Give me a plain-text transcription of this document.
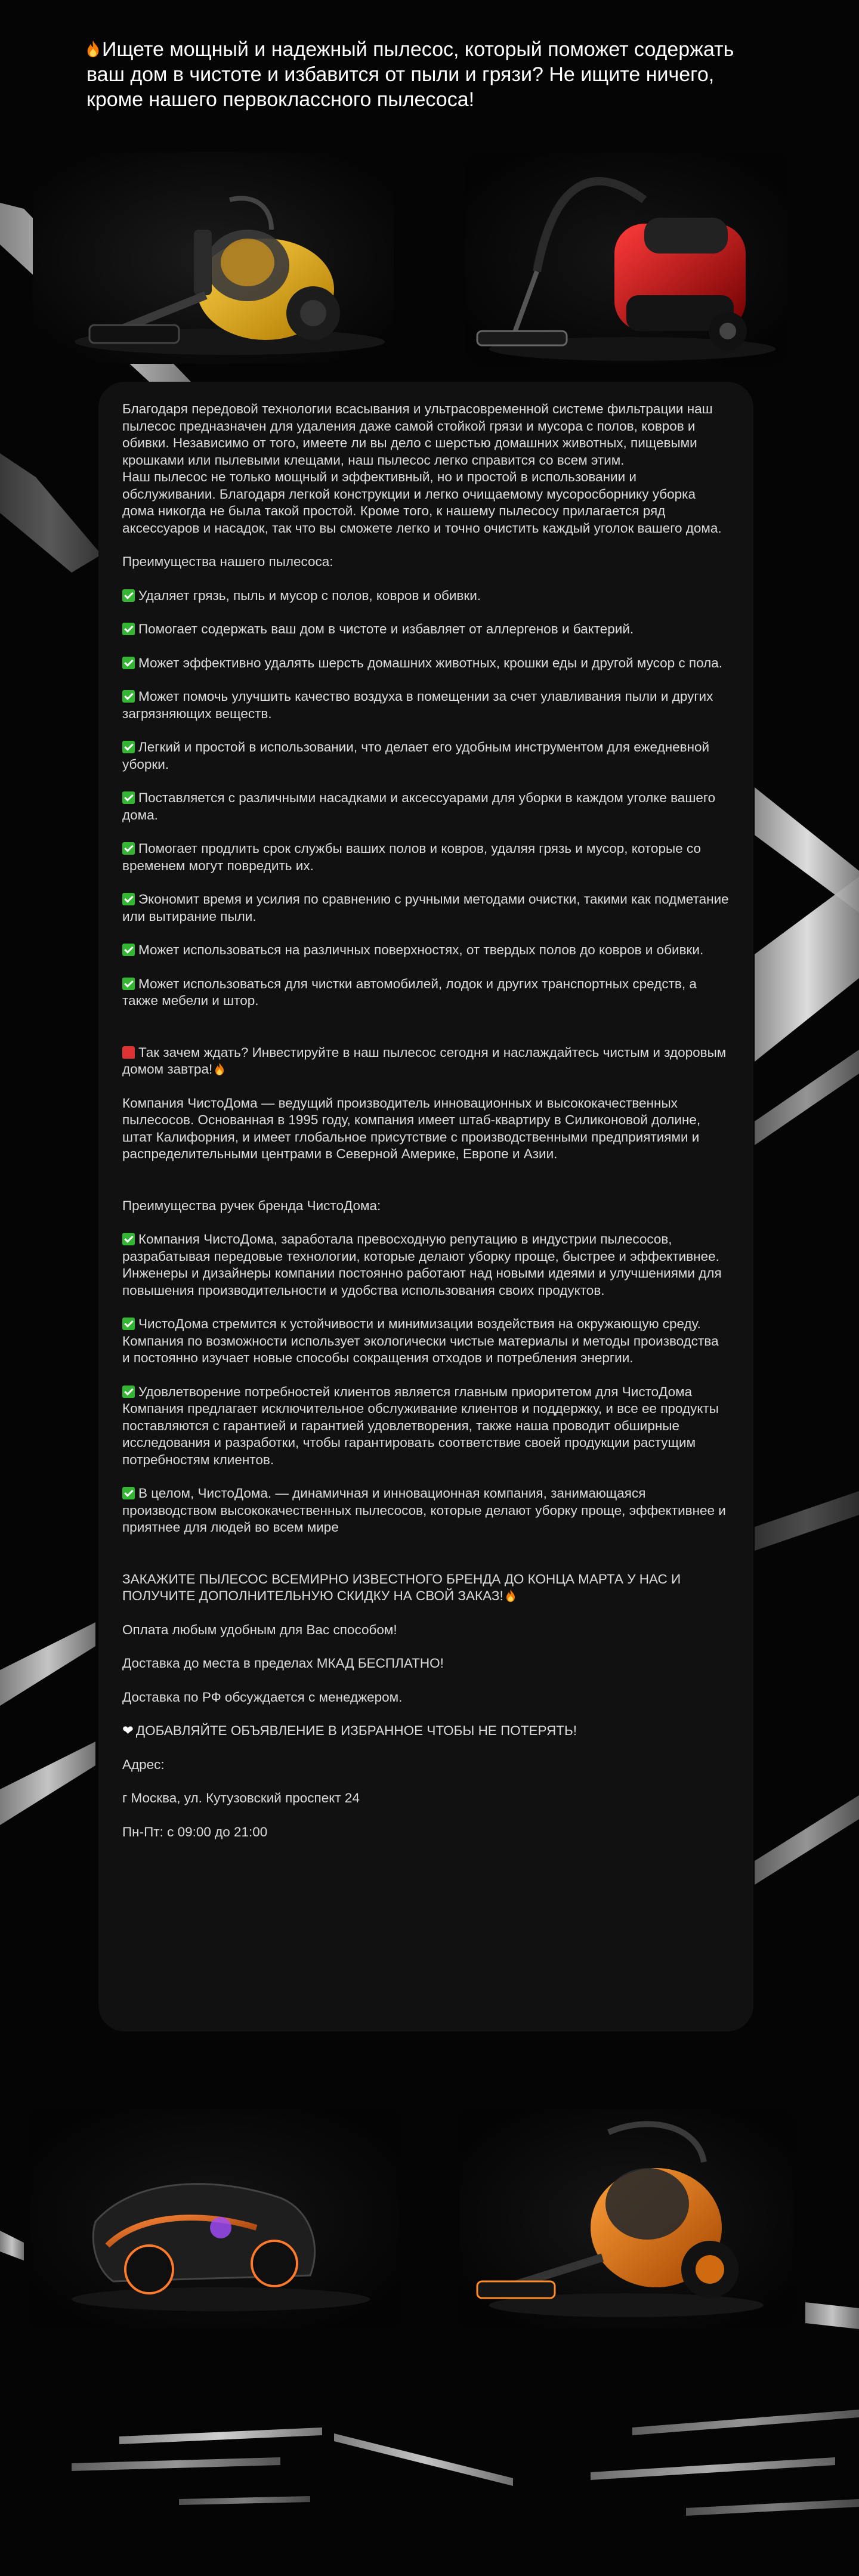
Ищете мощный и надежный пылесос, который поможет содержать ваш дом в чистоте и избавится от пыли и грязи? Не ищите ничего, кроме нашего первоклассного пылесоса!

Благодаря передовой технологии всасывания и ультрасовременной системе фильтрации наш пылесос предназначен для удаления даже самой стойкой грязи и мусора с полов, ковров и обивки. Независимо от того, имеете ли вы дело с шерстью домашних животных, пищевыми крошками или пылевыми клещами, наш пылесос легко справится со всем этим.

Наш пылесос не только мощный и эффективный, но и простой в использовании и обслуживании. Благодаря легкой конструкции и легко очищаемому мусоросборнику уборка дома никогда не была такой простой. Кроме того, к нашему пылесосу прилагается ряд аксессуаров и насадок, так что вы сможете легко и точно очистить каждый уголок вашего дома.

Преимущества нашего пылесоса:

Удаляет грязь, пыль и мусор с полов, ковров и обивки.

Помогает содержать ваш дом в чистоте и избавляет от аллергенов и бактерий.

Может эффективно удалять шерсть домашних животных, крошки еды и другой мусор с пола.

Может помочь улучшить качество воздуха в помещении за счет улавливания пыли и других загрязняющих веществ.

Легкий и простой в использовании, что делает его удобным инструментом для ежедневной уборки.

Поставляется с различными насадками и аксессуарами для уборки в каждом уголке вашего дома.

Помогает продлить срок службы ваших полов и ковров, удаляя грязь и мусор, которые со временем могут повредить их.

Экономит время и усилия по сравнению с ручными методами очистки, такими как подметание или вытирание пыли.

Может использоваться на различных поверхностях, от твердых полов до ковров и обивки.

Может использоваться для чистки автомобилей, лодок и других транспортных средств, а также мебели и штор.

Так зачем ждать? Инвестируйте в наш пылесос сегодня и наслаждайтесь чистым и здоровым домом завтра!

Компания ЧистоДома — ведущий производитель инновационных и высококачественных пылесосов. Основанная в 1995 году, компания имеет штаб-квартиру в Силиконовой долине, штат Калифорния, и имеет глобальное присутствие с производственными предприятиями и распределительными центрами в Северной Америке, Европе и Азии.

Преимущества ручек бренда ЧистоДома:

Компания ЧистоДома, заработала превосходную репутацию в индустрии пылесосов, разрабатывая передовые технологии, которые делают уборку проще, быстрее и эффективнее. Инженеры и дизайнеры компании постоянно работают над новыми идеями и улучшениями для повышения производительности и удобства использования своих продуктов.

ЧистоДома стремится к устойчивости и минимизации воздействия на окружающую среду. Компания по возможности использует экологически чистые материалы и методы производства и постоянно изучает новые способы сокращения отходов и потребления энергии.

Удовлетворение потребностей клиентов является главным приоритетом для ЧистоДома Компания предлагает исключительное обслуживание клиентов и поддержку, и все ее продукты поставляются с гарантией и гарантией удовлетворения, также наша проводит обширные исследования и разработки, чтобы гарантировать соответствие своей продукции растущим потребностям клиентов.

В целом, ЧистоДома. — динамичная и инновационная компания, занимающаяся производством высококачественных пылесосов, которые делают уборку проще, эффективнее и приятнее для людей во всем мире

ЗАКАЖИТЕ ПЫЛЕСОС ВСЕМИРНО ИЗВЕСТНОГО БРЕНДА ДО КОНЦА МАРТА У НАС И ПОЛУЧИТЕ ДОПОЛНИТЕЛЬНУЮ СКИДКУ НА СВОЙ ЗАКАЗ!

Оплата любым удобным для Вас способом!

Доставка до места в пределах МКАД БЕСПЛАТНО!

Доставка по РФ обсуждается с менеджером.

❤ ДОБАВЛЯЙТЕ ОБЪЯВЛЕНИЕ В ИЗБРАННОЕ ЧТОБЫ НЕ ПОТЕРЯТЬ!

Адрес:

г Москва, ул. Кутузовский проспект 24

Пн-Пт: с 09:00 до 21:00
